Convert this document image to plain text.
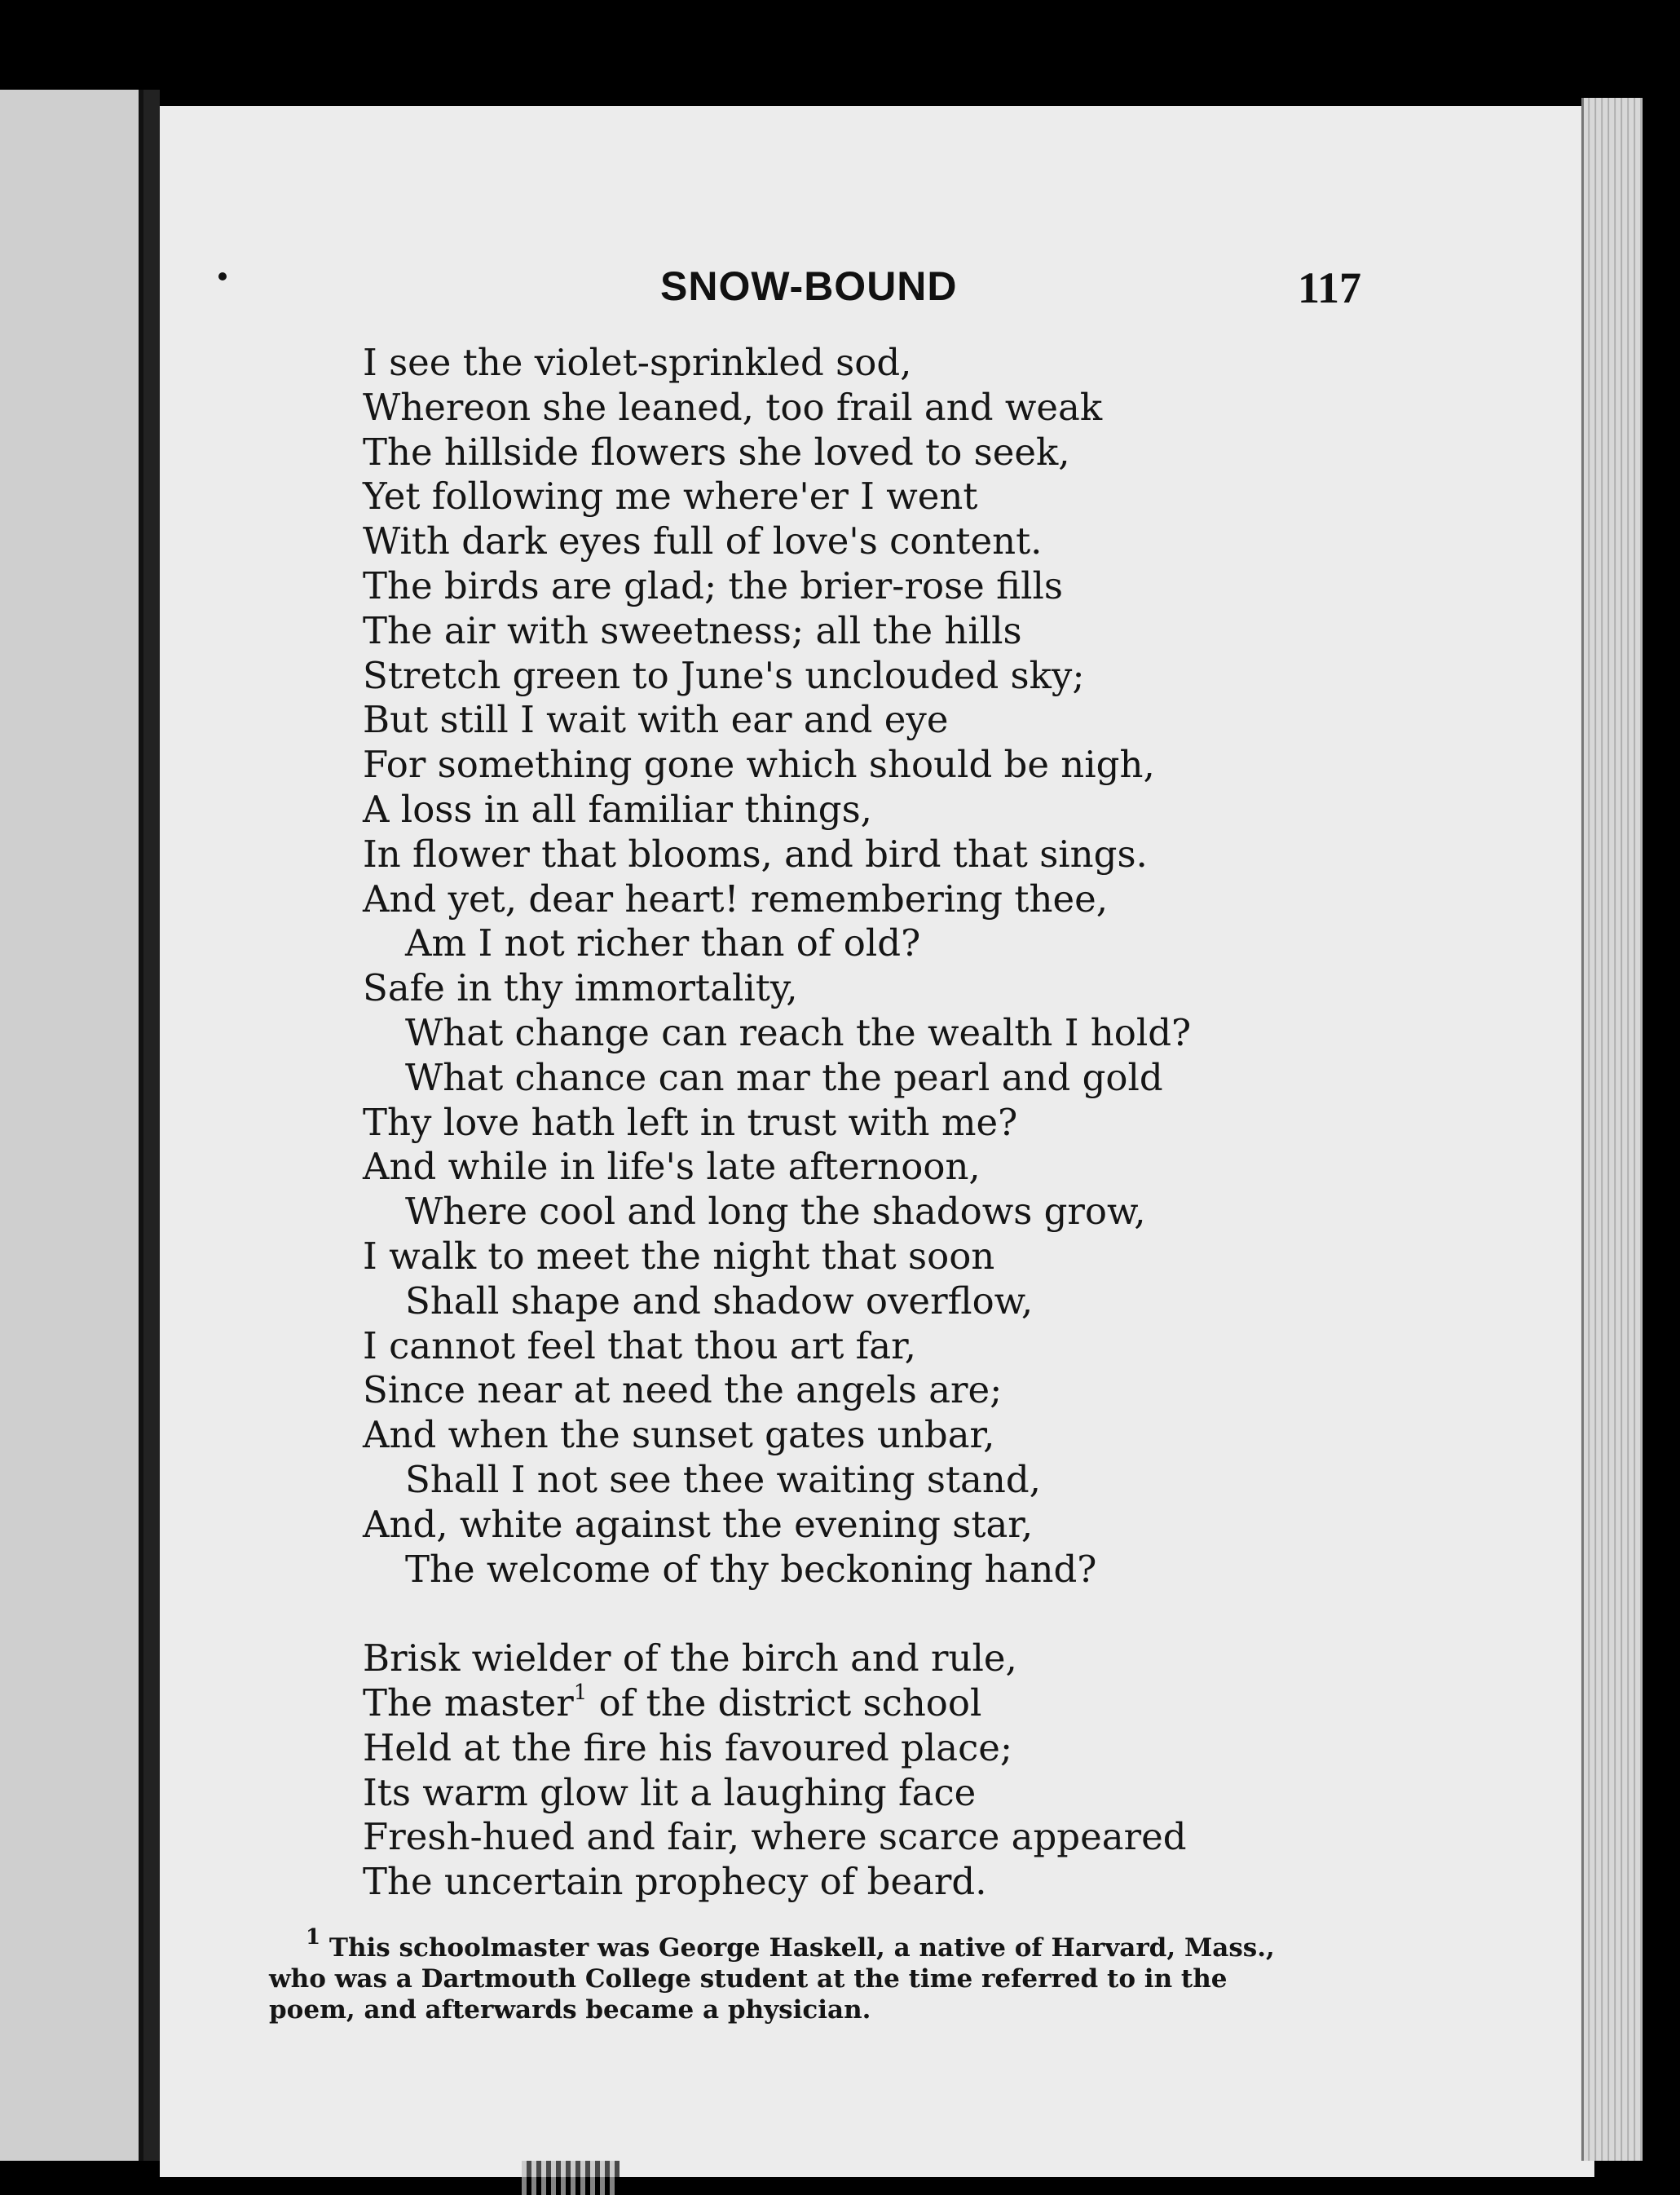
SNOW-BOUND	117
I see the violet-sprinkled sod,
Whereon she leaned, too frail and weak
The hillside flowers she loved to seek,
Yet following me where'er I went
With dark eyes full of love's content.
The birds are glad; the brier-rose fills
The air with sweetness; all the hills
Stretch green to June's unclouded sky;
But still I wait with ear and eye
For something gone which should be nigh,
A loss in all familiar things,
In flower that blooms, and bird that sings.
And yet, dear heart! remembering thee,
Am I not richer than of old?
Safe in thy immortality,
What change can reach the wealth I hold?
What chance can mar the pearl and gold
Thy love hath left in trust with me?
And while in life's late afternoon,
Where cool and long the shadows grow,
I walk to meet the night that soon
Shall shape and shadow overflow,
I cannot feel that thou art far,
Since near at need the angels are;
And when the sunset gates unbar,
Shall I not see thee waiting stand,
And, white against the evening star,
The welcome of thy beckoning hand?
Brisk wielder of the birch and rule,
The master$^1$ of the district school
Held at the fire his favoured place;
Its warm glow lit a laughing face
Fresh-hued and fair, where scarce appeared
The uncertain prophecy of beard.
$^1$ This schoolmaster was George Haskell, a native of Harvard, Mass.,
who was a Dartmouth College student at the time referred to in the
poem, and afterwards became a physician.
